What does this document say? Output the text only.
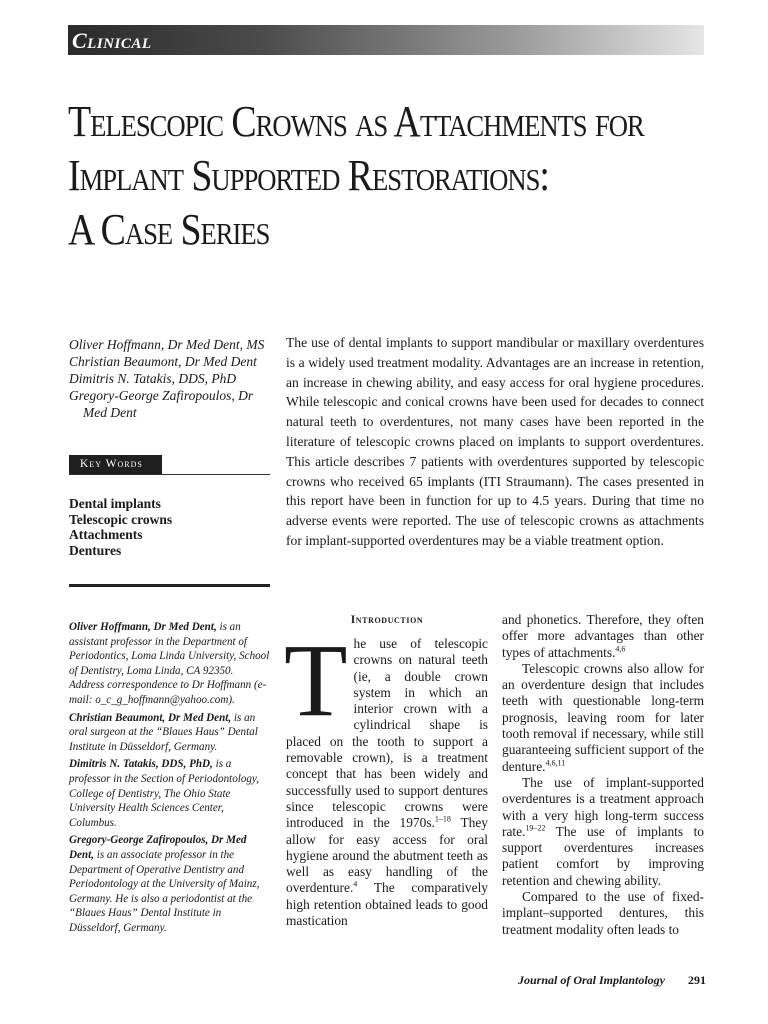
Clinical
Telescopic Crowns as Attachments for
Implant Supported Restorations:
A Case Series
Oliver Hoffmann, Dr Med Dent, MS
Christian Beaumont, Dr Med Dent
Dimitris N. Tatakis, DDS, PhD
Gregory-George Zafiropoulos, Dr Med Dent
Key Words
Dental implants
Telescopic crowns
Attachments
Dentures
The use of dental implants to support mandibular or maxillary overdentures is a widely used treatment modality. Advantages are an increase in retention, an increase in chewing ability, and easy access for oral hygiene procedures. While telescopic and conical crowns have been used for decades to connect natural teeth to overdentures, not many cases have been reported in the literature of telescopic crowns placed on implants to support overdentures. This article describes 7 patients with overdentures supported by telescopic crowns who received 65 implants (ITI Straumann). The cases presented in this report have been in function for up to 4.5 years. During that time no adverse events were reported. The use of telescopic crowns as attachments for implant-supported overdentures may be a viable treatment option.

Oliver Hoffmann, Dr Med Dent, is an assistant professor in the Department of Periodontics, Loma Linda University, School of Dentistry, Loma Linda, CA 92350. Address correspondence to Dr Hoffmann (e-mail: o_c_g_hoffmann@yahoo.com).

Christian Beaumont, Dr Med Dent, is an oral surgeon at the “Blaues Haus” Dental Institute in Düsseldorf, Germany.

Dimitris N. Tatakis, DDS, PhD, is a professor in the Section of Periodontology, College of Dentistry, The Ohio State University Health Sciences Center, Columbus.

Gregory-George Zafiropoulos, Dr Med Dent, is an associate professor in the Department of Operative Dentistry and Periodontology at the University of Mainz, Germany. He is also a periodontist at the “Blaues Haus” Dental Institute in Düsseldorf, Germany.

Introduction
The use of telescopic crowns on natural teeth (ie, a double crown system in which an interior crown with a cylindrical shape is placed on the tooth to support a removable crown), is a treatment concept that has been widely and successfully used to support dentures since telescopic crowns were introduced in the 1970s.$^{1-18}$ They allow for easy access for oral hygiene around the abutment teeth as well as easy handling of the overdenture.$^4$ The comparatively high retention obtained leads to good mastication
and phonetics. Therefore, they often offer more advantages than other types of attachments.$^{4,6}$
Telescopic crowns also allow for an overdenture design that includes teeth with questionable long-term prognosis, leaving room for later tooth removal if necessary, while still guaranteeing sufficient support of the denture.$^{4,6,11}$
The use of implant-supported overdentures is a treatment approach with a very high long-term success rate.$^{19-22}$ The use of implants to support overdentures increases patient comfort by improving retention and chewing ability.
Compared to the use of fixed-implant–supported dentures, this treatment modality often leads to
Journal of Oral Implantology	291
